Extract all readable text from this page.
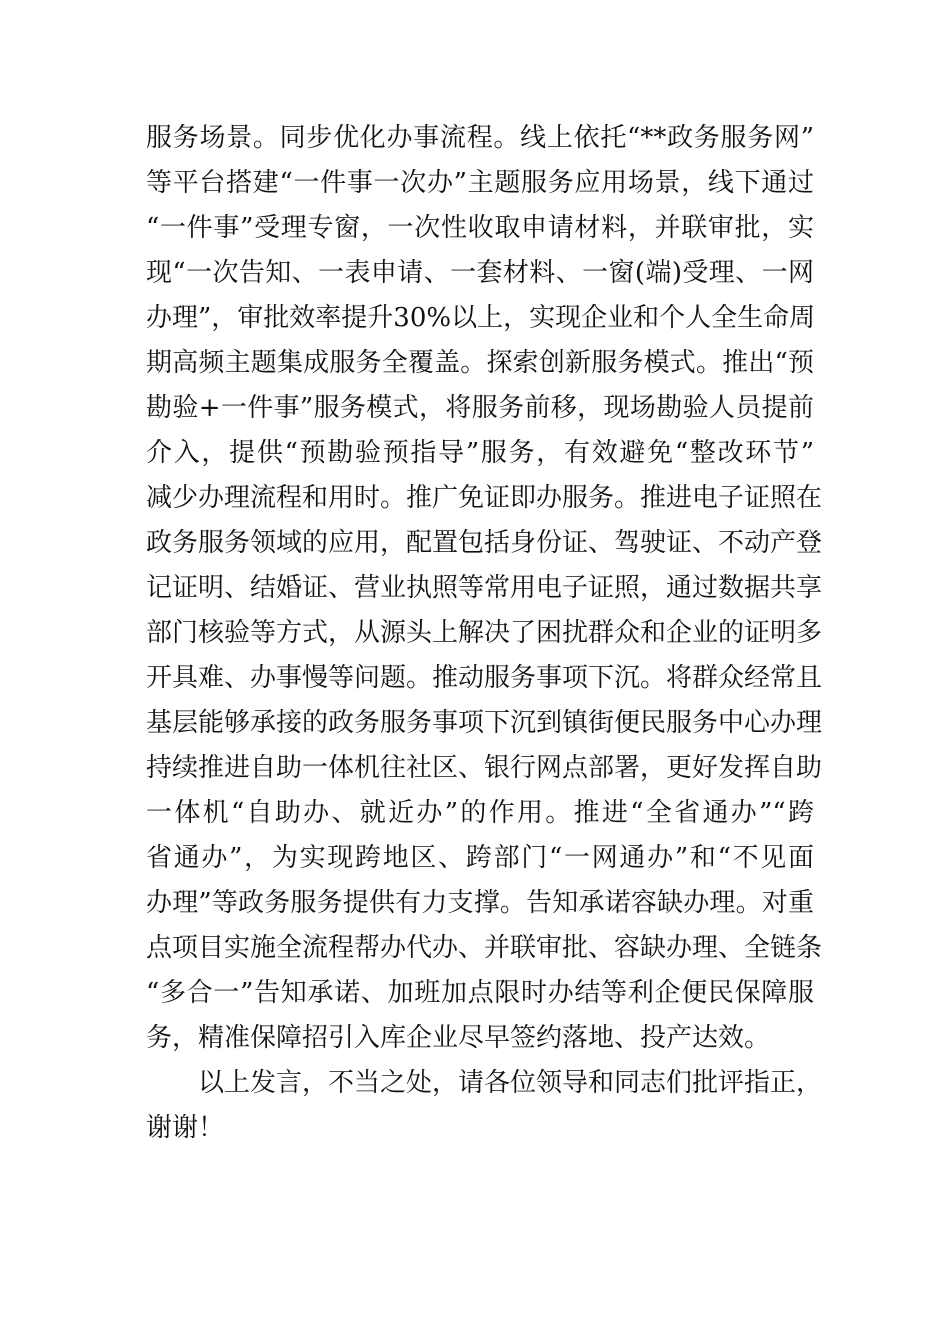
服务场景。同步优化办事流程。线上依托“**政务服务网”
等平台搭建“一件事一次办”主题服务应用场景，线下通过
“一件事”受理专窗，一次性收取申请材料，并联审批，实
现“一次告知、一表申请、一套材料、一窗(端)受理、一网
办理”，审批效率提升30%以上，实现企业和个人全生命周
期高频主题集成服务全覆盖。探索创新服务模式。推出“预
勘验+一件事”服务模式，将服务前移，现场勘验人员提前
介入，提供“预勘验预指导”服务，有效避免“整改环节”
减少办理流程和用时。推广免证即办服务。推进电子证照在
政务服务领域的应用，配置包括身份证、驾驶证、不动产登
记证明、结婚证、营业执照等常用电子证照，通过数据共享
部门核验等方式，从源头上解决了困扰群众和企业的证明多
开具难、办事慢等问题。推动服务事项下沉。将群众经常且
基层能够承接的政务服务事项下沉到镇街便民服务中心办理
持续推进自助一体机往社区、银行网点部署，更好发挥自助
一体机“自助办、就近办”的作用。推进“全省通办”“跨
省通办”，为实现跨地区、跨部门“一网通办”和“不见面
办理”等政务服务提供有力支撑。告知承诺容缺办理。对重
点项目实施全流程帮办代办、并联审批、容缺办理、全链条
“多合一”告知承诺、加班加点限时办结等利企便民保障服
务，精准保障招引入库企业尽早签约落地、投产达效。
以上发言，不当之处，请各位领导和同志们批评指正，
谢谢！
